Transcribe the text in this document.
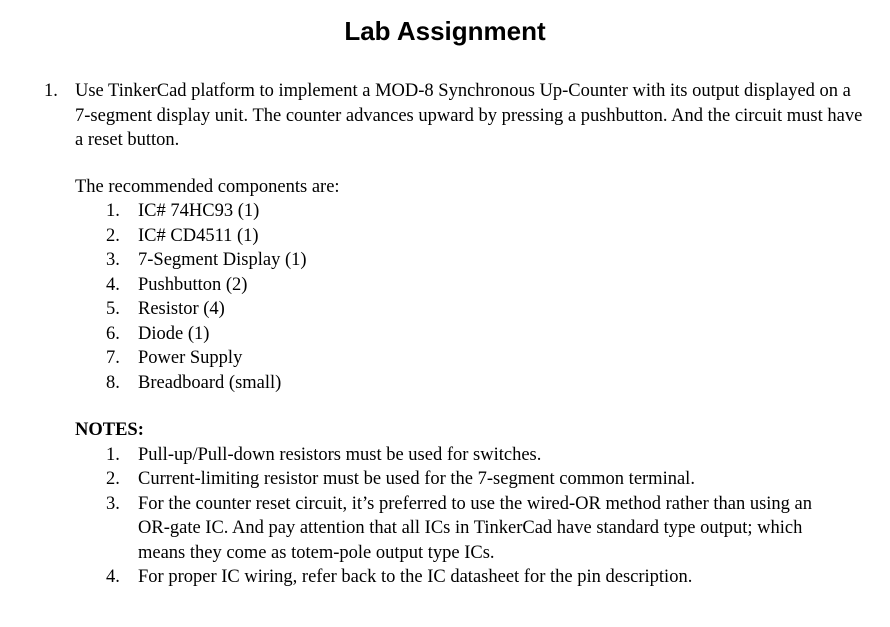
Lab Assignment
1. Use TinkerCad platform to implement a MOD-8 Synchronous Up-Counter with its output displayed on a 7-segment display unit. The counter advances upward by pressing a pushbutton. And the circuit must have a reset button.

The recommended components are:

1. IC# 74HC93 (1)
2. IC# CD4511 (1)
3. 7-Segment Display (1)
4. Pushbutton (2)
5. Resistor (4)
6. Diode (1)
7. Power Supply
8. Breadboard (small)

NOTES:

1. Pull-up/Pull-down resistors must be used for switches.
2. Current-limiting resistor must be used for the 7-segment common terminal.
3. For the counter reset circuit, it’s preferred to use the wired-OR method rather than using an OR-gate IC. And pay attention that all ICs in TinkerCad have standard type output; which means they come as totem-pole output type ICs.
4. For proper IC wiring, refer back to the IC datasheet for the pin description.
